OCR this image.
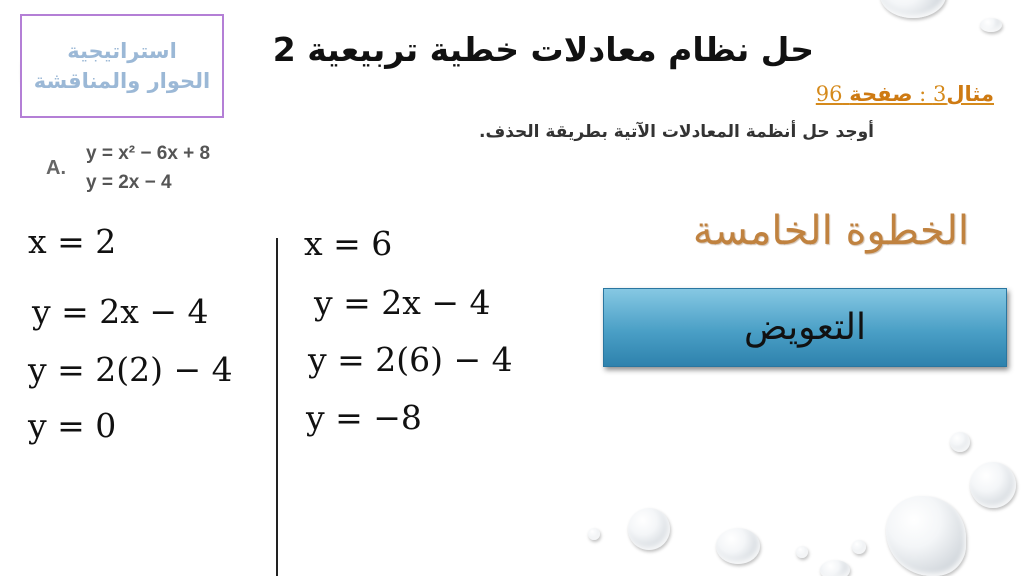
استراتيجية
الحوار والمناقشة
حل نظام معادلات خطية تربيعية 2
مثال3 : صفحة 96
أوجد حل أنظمة المعادلات الآتية بطريقة الحذف.
A.
y = x² − 6x + 8
y = 2x − 4
x = 2
y = 2x − 4
y = 2(2) − 4
y = 0
x = 6
y = 2x − 4
y = 2(6) − 4
y = −8
الخطوة الخامسة
التعويض
